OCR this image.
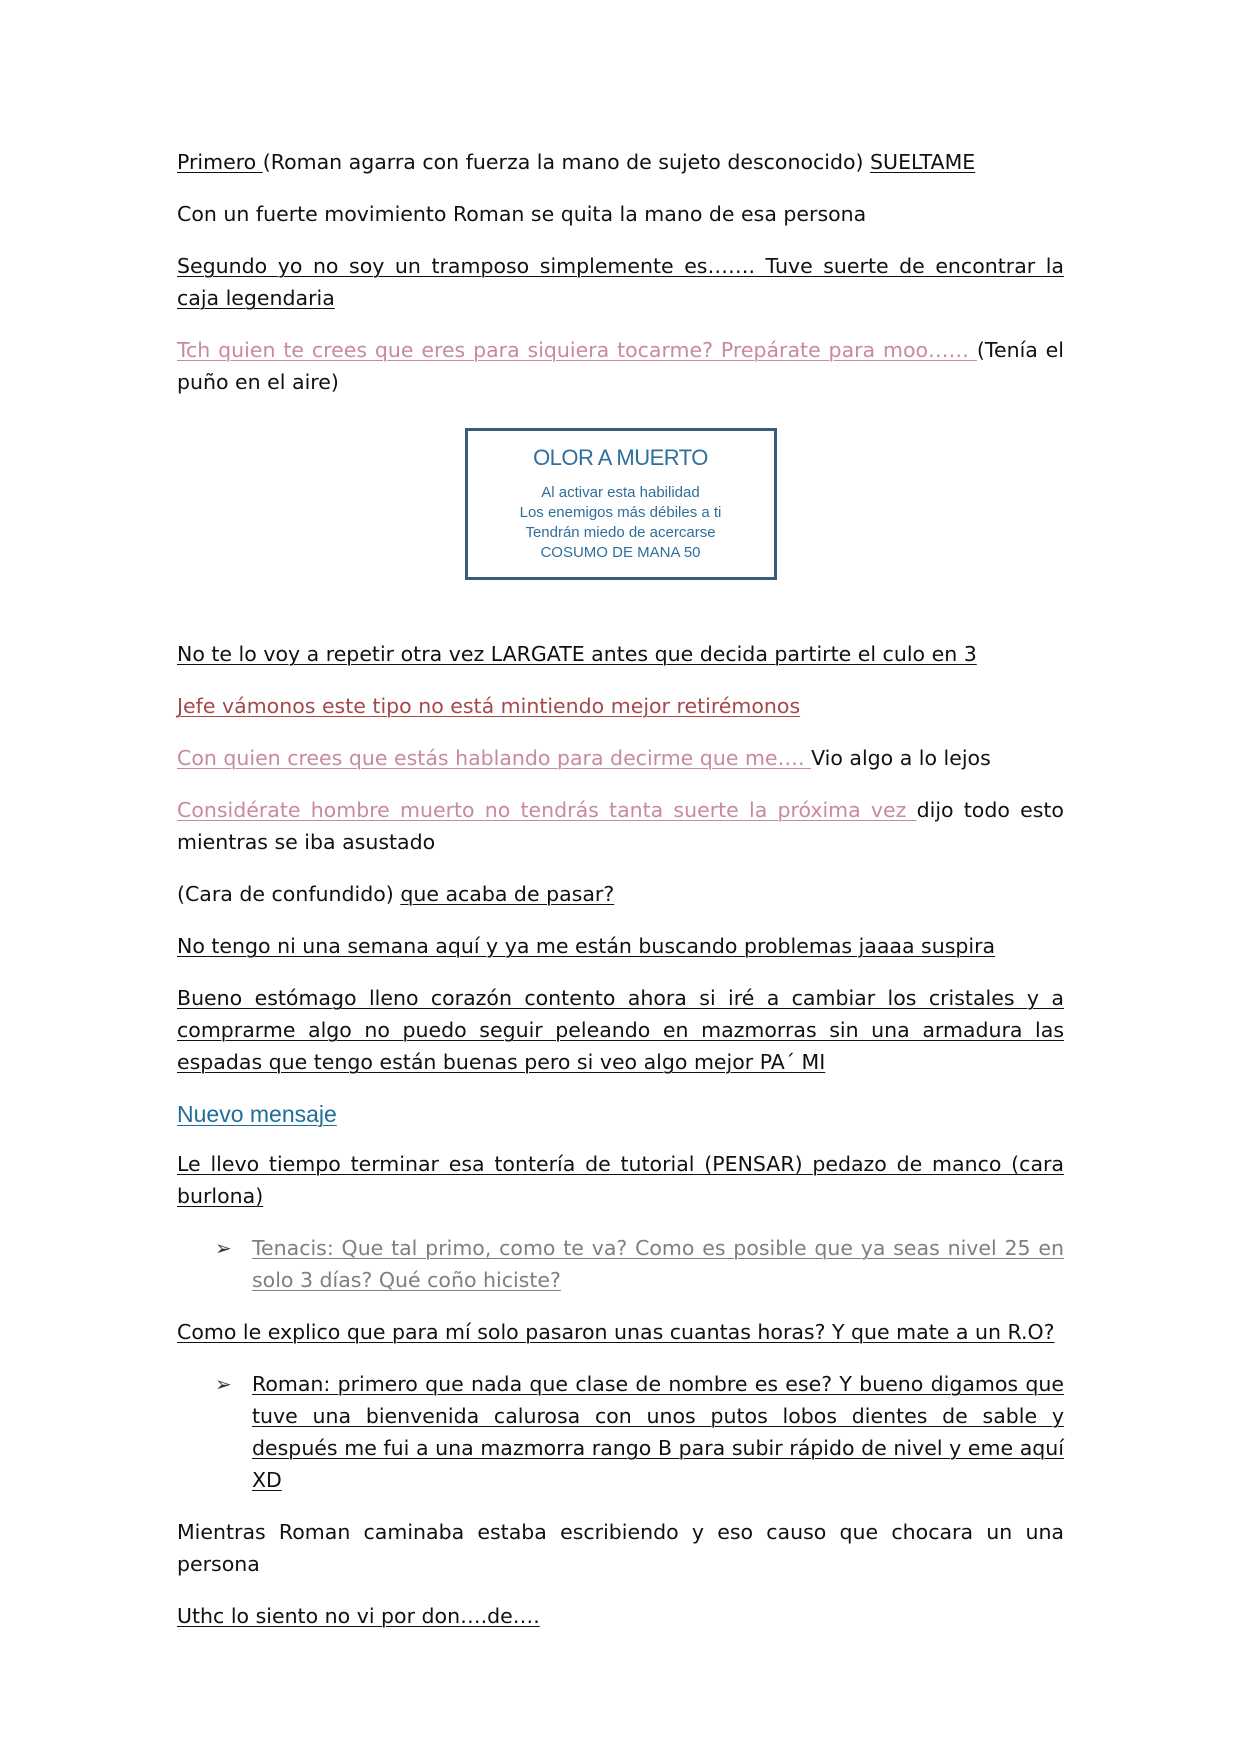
Primero (Roman agarra con fuerza la mano de sujeto desconocido) SUELTAME

Con un fuerte movimiento Roman se quita la mano de esa persona

Segundo yo no soy un tramposo simplemente es……. Tuve suerte de encontrar la caja legendaria

Tch quien te crees que eres para siquiera tocarme? Prepárate para moo…… (Tenía el puño en el aire)

OLOR A MUERTO
Al activar esta habilidad
Los enemigos más débiles a ti
Tendrán miedo de acercarse
COSUMO DE MANA 50

No te lo voy a repetir otra vez LARGATE antes que decida partirte el culo en 3

Jefe vámonos este tipo no está mintiendo mejor retirémonos

Con quien crees que estás hablando para decirme que me…. Vio algo a lo lejos

Considérate hombre muerto no tendrás tanta suerte la próxima vez dijo todo esto mientras se iba asustado

(Cara de confundido) que acaba de pasar?

No tengo ni una semana aquí y ya me están buscando problemas jaaaa suspira

Bueno estómago lleno corazón contento ahora si iré a cambiar los cristales y a comprarme algo no puedo seguir peleando en mazmorras sin una armadura las espadas que tengo están buenas pero si veo algo mejor PA´ MI

Nuevo mensaje

Le llevo tiempo terminar esa tontería de tutorial (PENSAR) pedazo de manco (cara burlona)

➢ Tenacis: Que tal primo, como te va? Como es posible que ya seas nivel 25 en solo 3 días? Qué coño hiciste?

Como le explico que para mí solo pasaron unas cuantas horas? Y que mate a un R.O?

➢ Roman: primero que nada que clase de nombre es ese? Y bueno digamos que tuve una bienvenida calurosa con unos putos lobos dientes de sable y después me fui a una mazmorra rango B para subir rápido de nivel y eme aquí XD

Mientras Roman caminaba estaba escribiendo y eso causo que chocara un una persona

Uthc lo siento no vi por don….de….
